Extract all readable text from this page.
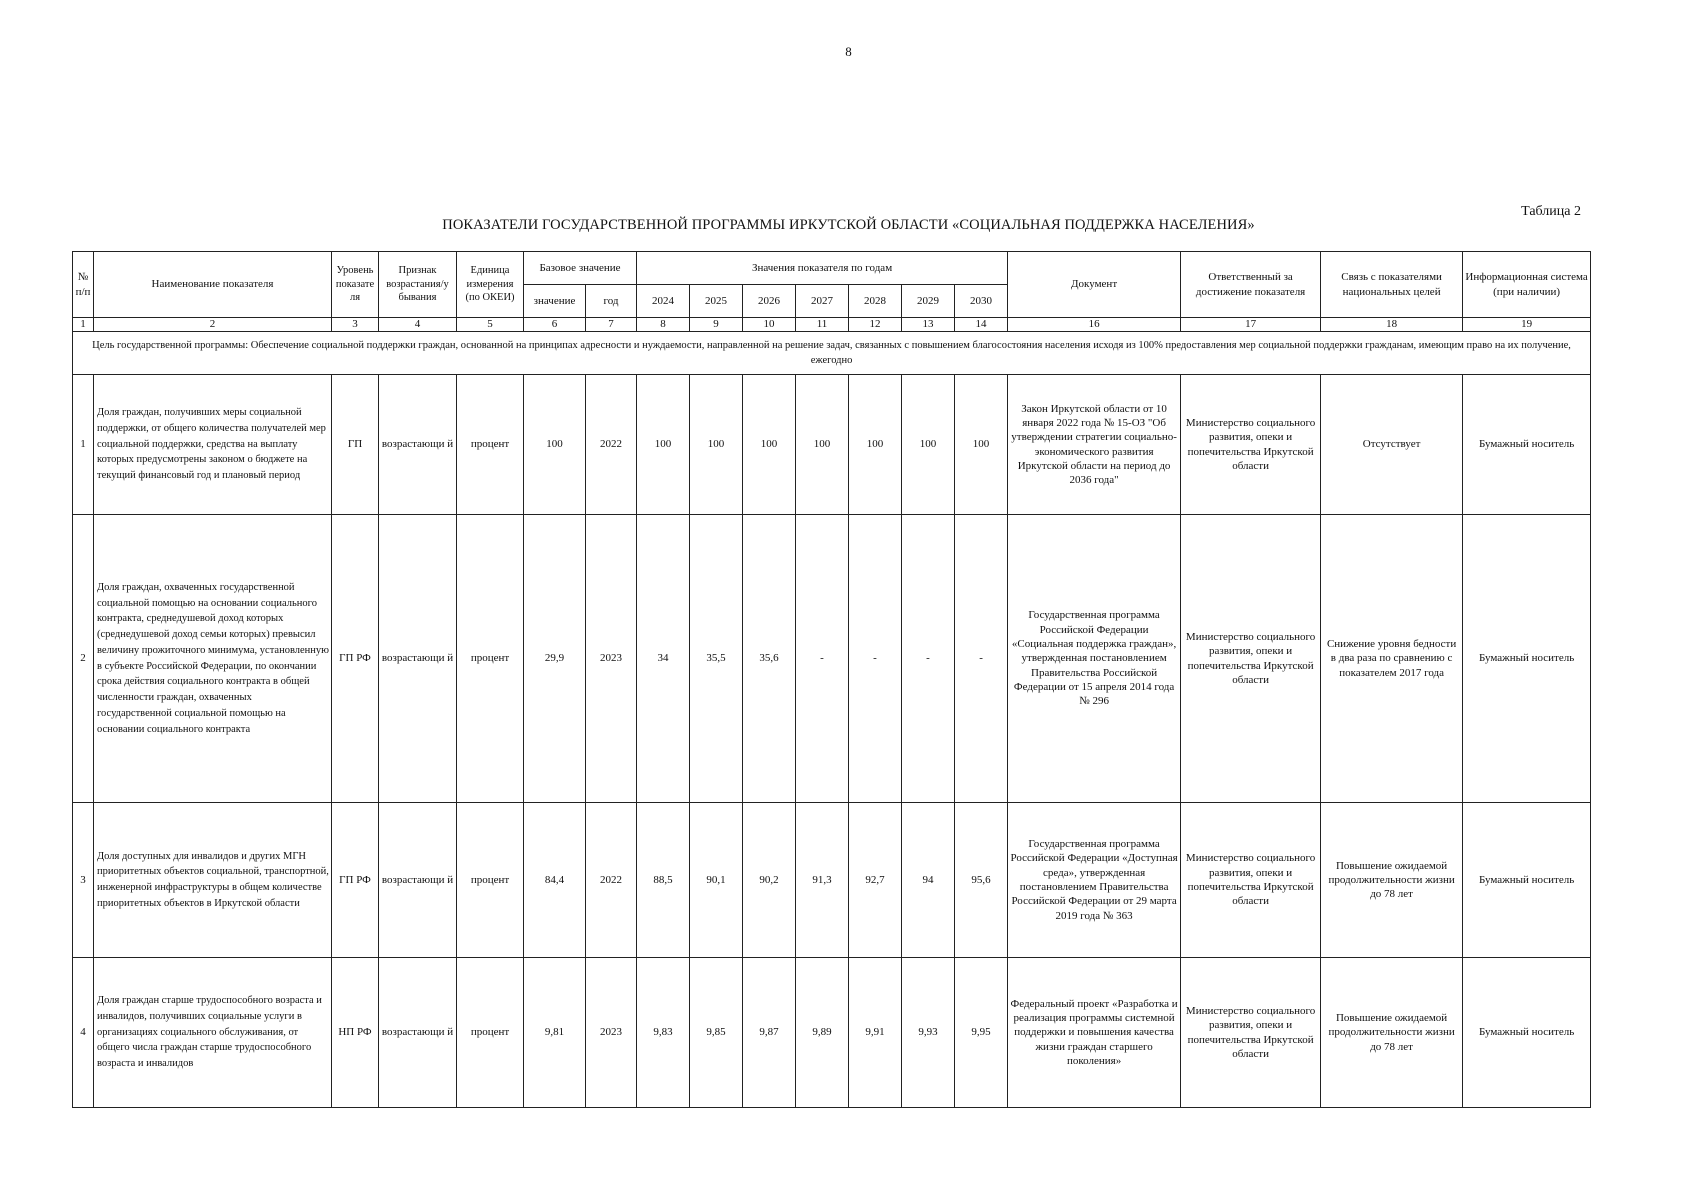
8
Таблица 2
ПОКАЗАТЕЛИ ГОСУДАРСТВЕННОЙ ПРОГРАММЫ ИРКУТСКОЙ ОБЛАСТИ «СОЦИАЛЬНАЯ ПОДДЕРЖКА НАСЕЛЕНИЯ»
№ п/п	Наименование показателя	Уровень показате ля	Признак возрастания/у бывания	Единица измерения (по ОКЕИ)	Базовое значение		Значения показателя по годам							Документ	Ответственный за достижение показателя	Связь с показателями национальных целей	Информационная система (при наличии)
					значение	год	2024	2025	2026	2027	2028	2029	2030				
1	2	3	4	5	6	7	8	9	10	11	12	13	14	16	17	18	19
Цель государственной программы: Обеспечение социальной поддержки граждан, основанной на принципах адресности и нуждаемости, направленной на решение задач, связанных с повышением благосостояния населения исходя из 100% предоставления мер социальной поддержки гражданам, имеющим право на их получение, ежегодно																	
1	Доля граждан, получивших меры социальной поддержки, от общего количества получателей мер социальной поддержки, средства на выплату которых предусмотрены законом о бюджете на текущий финансовый год и плановый период	ГП	возрастающи й	процент	100	2022	100	100	100	100	100	100	100	Закон Иркутской области от 10 января 2022 года № 15-ОЗ "Об утверждении стратегии социально-экономического развития Иркутской области на период до 2036 года"	Министерство социального развития, опеки и попечительства Иркутской области	Отсутствует	Бумажный носитель
2	Доля граждан, охваченных государственной социальной помощью на основании социального контракта, среднедушевой доход которых (среднедушевой доход семьи которых) превысил величину прожиточного минимума, установленную в субъекте Российской Федерации, по окончании срока действия социального контракта в общей численности граждан, охваченных государственной социальной помощью на основании социального контракта	ГП РФ	возрастающи й	процент	29,9	2023	34	35,5	35,6	-	-	-	-	Государственная программа Российской Федерации «Социальная поддержка граждан», утвержденная постановлением Правительства Российской Федерации от 15 апреля 2014 года № 296	Министерство социального развития, опеки и попечительства Иркутской области	Снижение уровня бедности в два раза по сравнению с показателем 2017 года	Бумажный носитель
3	Доля доступных для инвалидов и других МГН приоритетных объектов социальной, транспортной, инженерной инфраструктуры в общем количестве приоритетных объектов в Иркутской области	ГП РФ	возрастающи й	процент	84,4	2022	88,5	90,1	90,2	91,3	92,7	94	95,6	Государственная программа Российской Федерации «Доступная среда», утвержденная постановлением Правительства Российской Федерации от 29 марта 2019 года № 363	Министерство социального развития, опеки и попечительства Иркутской области	Повышение ожидаемой продолжительности жизни до 78 лет	Бумажный носитель
4	Доля граждан старше трудоспособного возраста и инвалидов, получивших социальные услуги в организациях социального обслуживания, от общего числа граждан старше трудоспособного возраста и инвалидов	НП РФ	возрастающи й	процент	9,81	2023	9,83	9,85	9,87	9,89	9,91	9,93	9,95	Федеральный проект «Разработка и реализация программы системной поддержки и повышения качества жизни граждан старшего поколения»	Министерство социального развития, опеки и попечительства Иркутской области	Повышение ожидаемой продолжительности жизни до 78 лет	Бумажный носитель
